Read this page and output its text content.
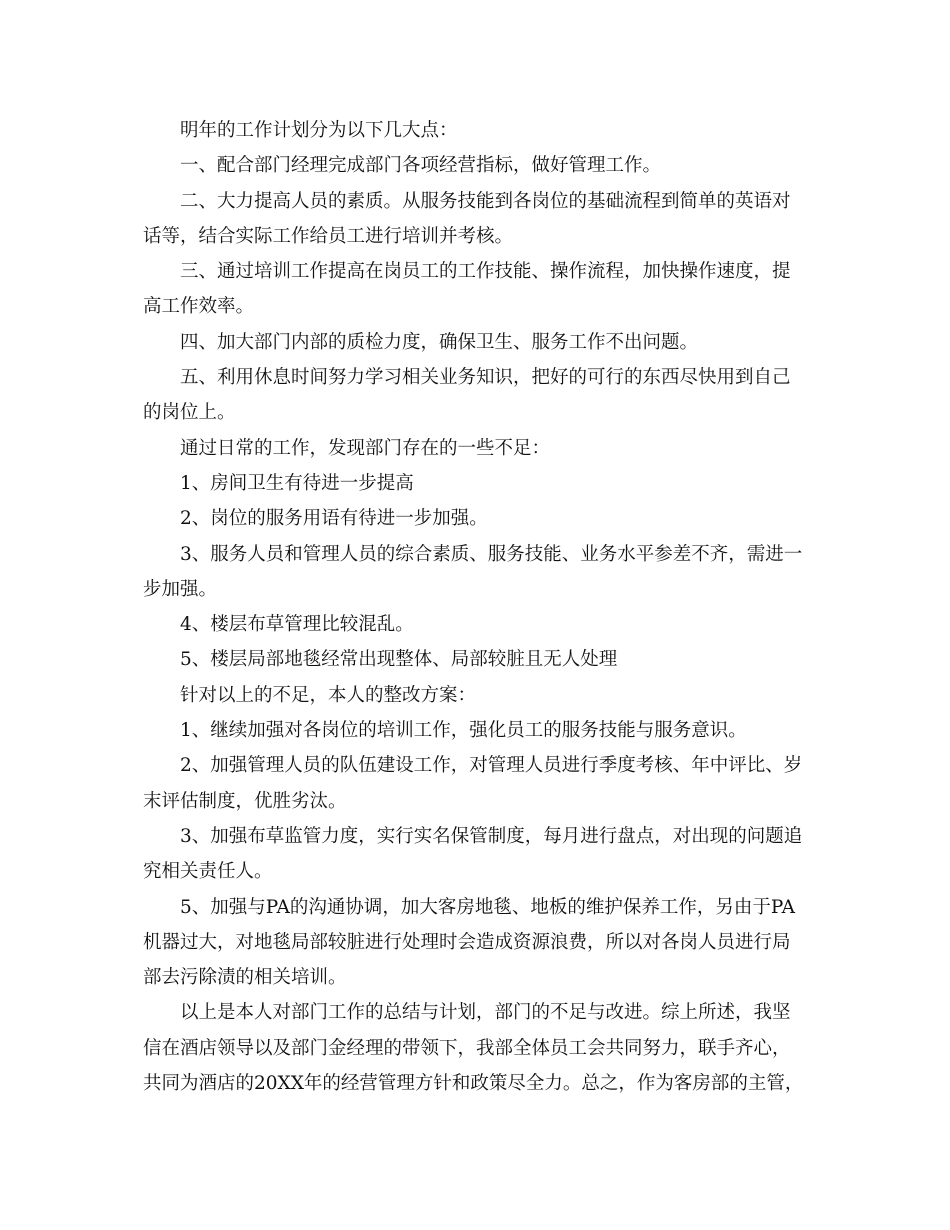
明年的工作计划分为以下几大点：

一、配合部门经理完成部门各项经营指标，做好管理工作。

二、大力提高人员的素质。从服务技能到各岗位的基础流程到简单的英语对话等，结合实际工作给员工进行培训并考核。

三、通过培训工作提高在岗员工的工作技能、操作流程，加快操作速度，提高工作效率。

四、加大部门内部的质检力度，确保卫生、服务工作不出问题。

五、利用休息时间努力学习相关业务知识，把好的可行的东西尽快用到自己的岗位上。

通过日常的工作，发现部门存在的一些不足：

1、房间卫生有待进一步提高

2、岗位的服务用语有待进一步加强。

3、服务人员和管理人员的综合素质、服务技能、业务水平参差不齐，需进一步加强。

4、楼层布草管理比较混乱。

5、楼层局部地毯经常出现整体、局部较脏且无人处理

针对以上的不足，本人的整改方案：

1、继续加强对各岗位的培训工作，强化员工的服务技能与服务意识。

2、加强管理人员的队伍建设工作，对管理人员进行季度考核、年中评比、岁末评估制度，优胜劣汰。

3、加强布草监管力度，实行实名保管制度，每月进行盘点，对出现的问题追究相关责任人。

5、加强与PA的沟通协调，加大客房地毯、地板的维护保养工作，另由于PA机器过大，对地毯局部较脏进行处理时会造成资源浪费，所以对各岗人员进行局部去污除渍的相关培训。

以上是本人对部门工作的总结与计划，部门的不足与改进。综上所述，我坚信在酒店领导以及部门金经理的带领下，我部全体员工会共同努力，联手齐心，共同为酒店的20XX年的经营管理方针和政策尽全力。总之，作为客房部的主管，
